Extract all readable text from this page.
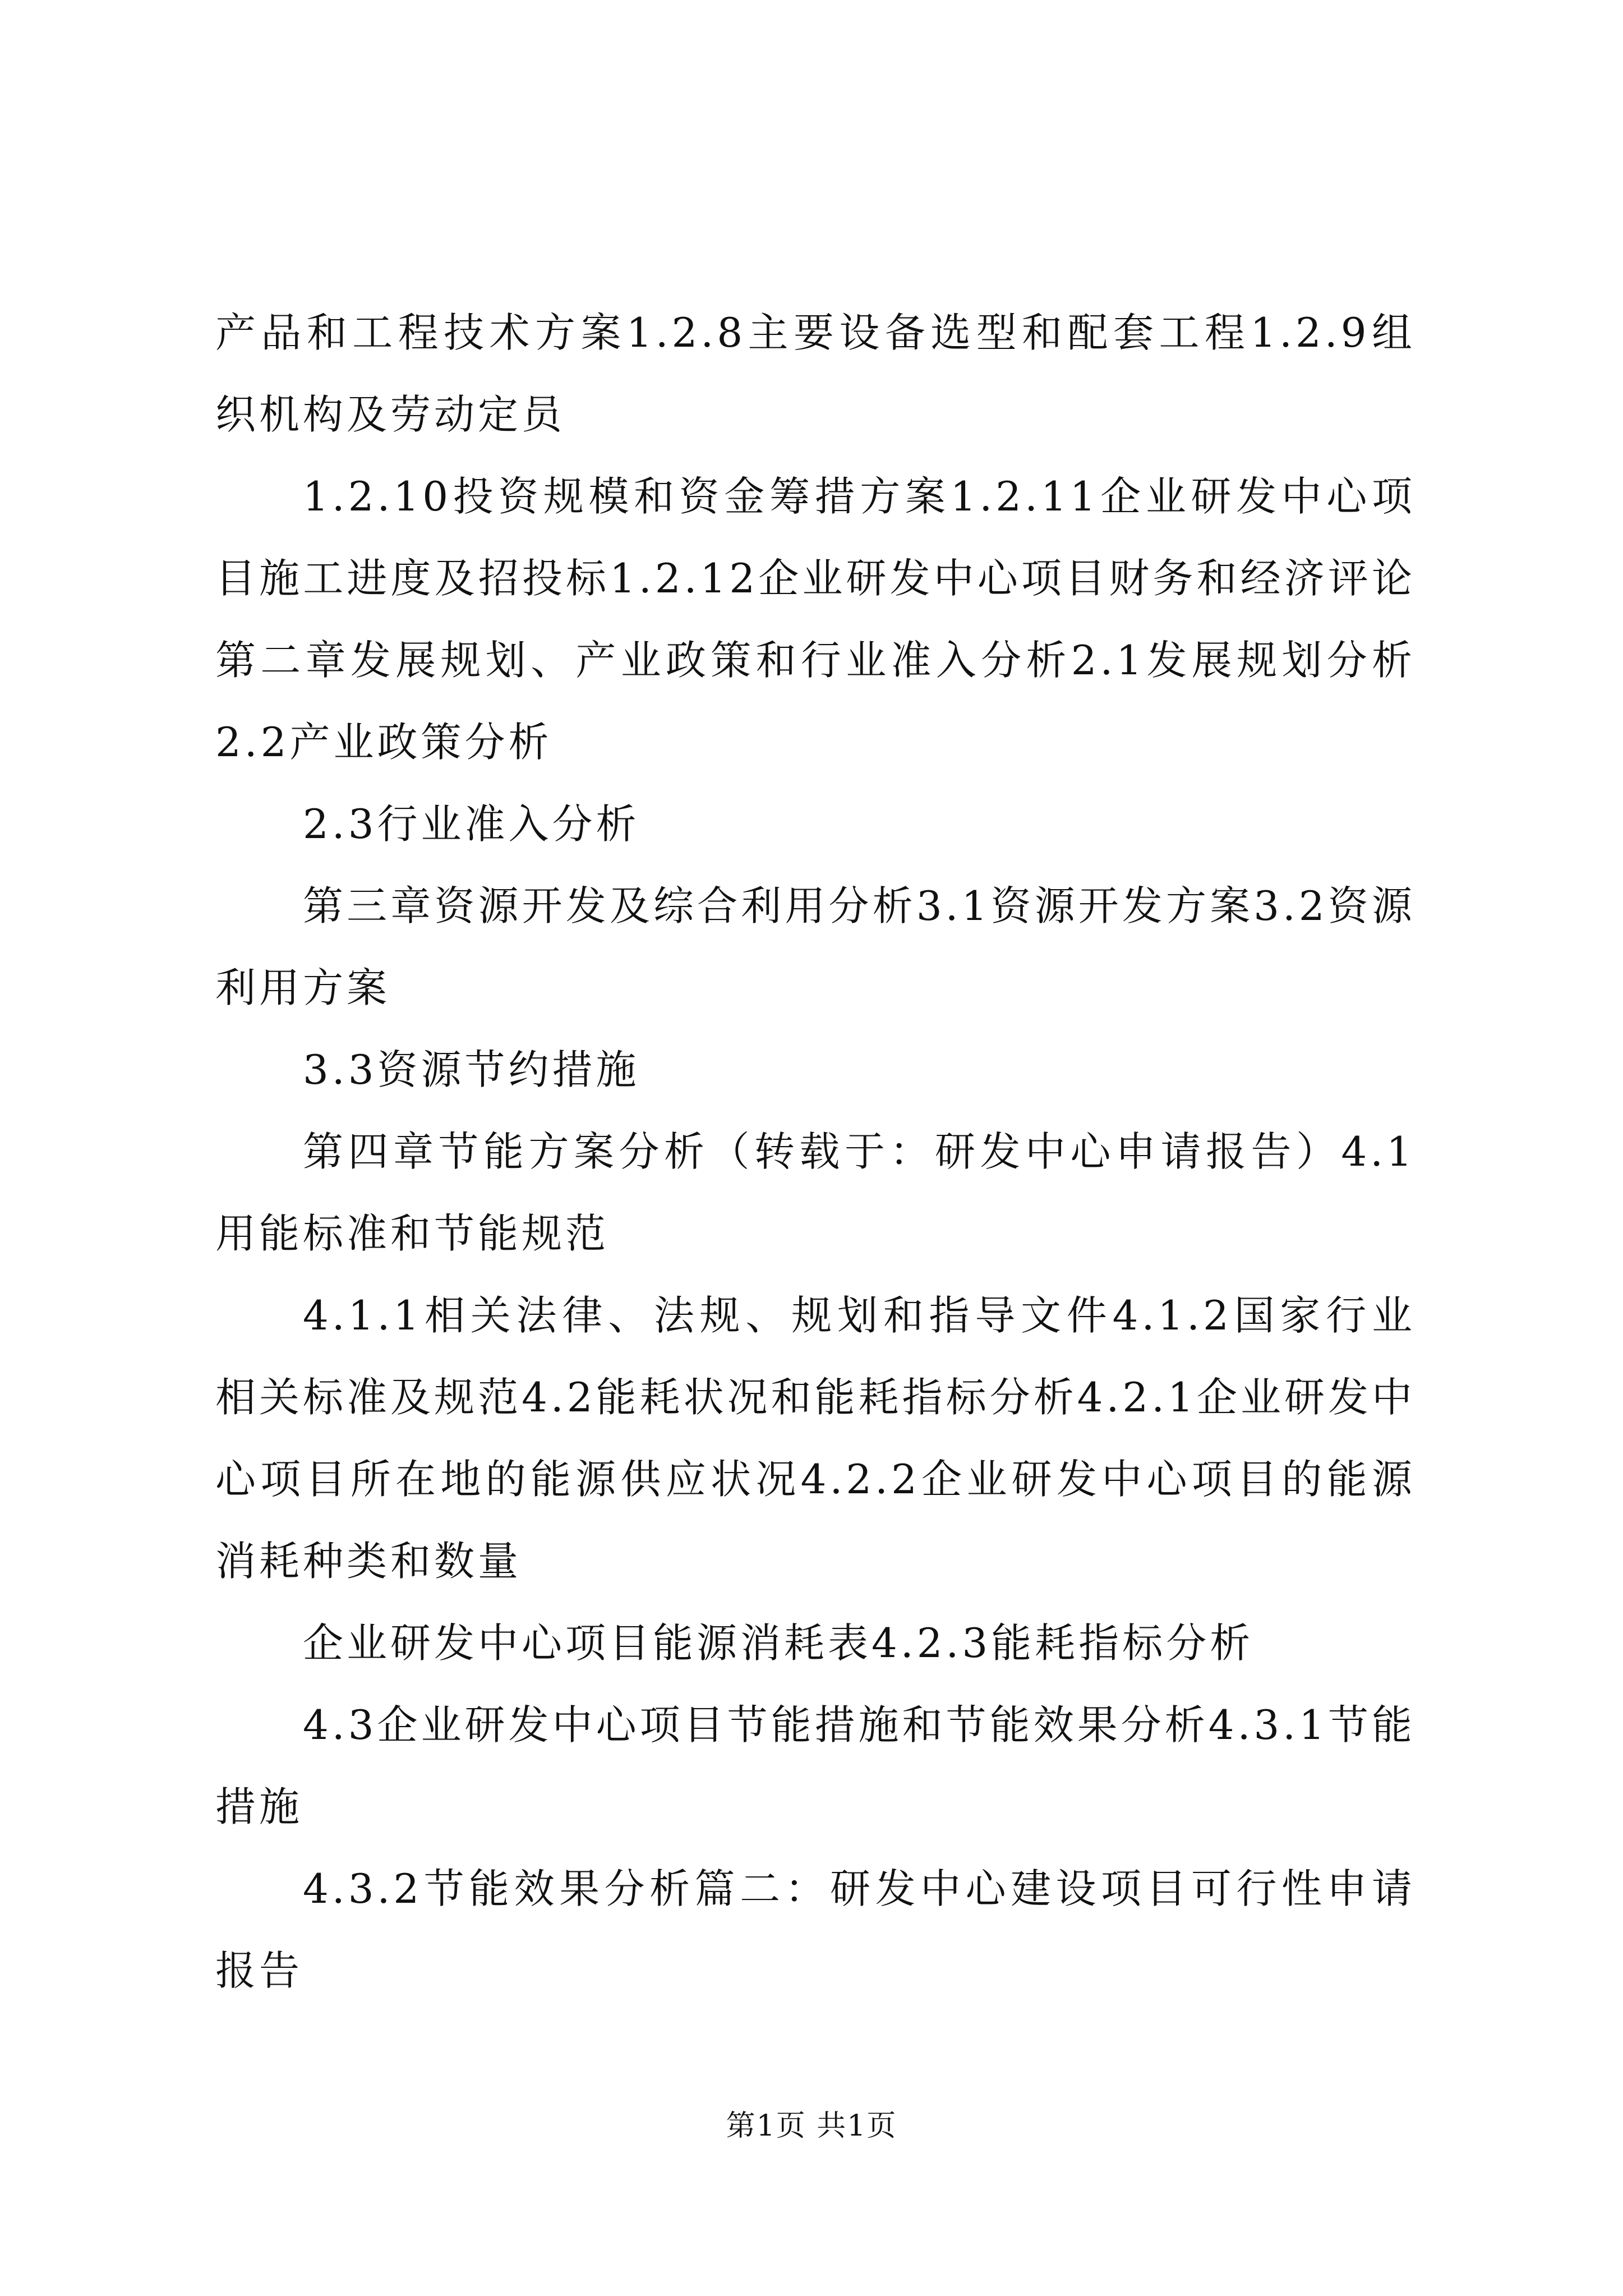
产品和工程技术方案1.2.8主要设备选型和配套工程1.2.9组织机构及劳动定员

1.2.10投资规模和资金筹措方案1.2.11企业研发中心项目施工进度及招投标1.2.12企业研发中心项目财务和经济评论第二章发展规划、产业政策和行业准入分析2.1发展规划分析2.2产业政策分析

2.3行业准入分析

第三章资源开发及综合利用分析3.1资源开发方案3.2资源利用方案

3.3资源节约措施

第四章节能方案分析（转载于：研发中心申请报告）4.1用能标准和节能规范

4.1.1相关法律、法规、规划和指导文件4.1.2国家行业相关标准及规范4.2能耗状况和能耗指标分析4.2.1企业研发中心项目所在地的能源供应状况4.2.2企业研发中心项目的能源消耗种类和数量

企业研发中心项目能源消耗表4.2.3能耗指标分析

4.3企业研发中心项目节能措施和节能效果分析4.3.1节能措施

4.3.2节能效果分析篇二：研发中心建设项目可行性申请报告

第1页 共1页
